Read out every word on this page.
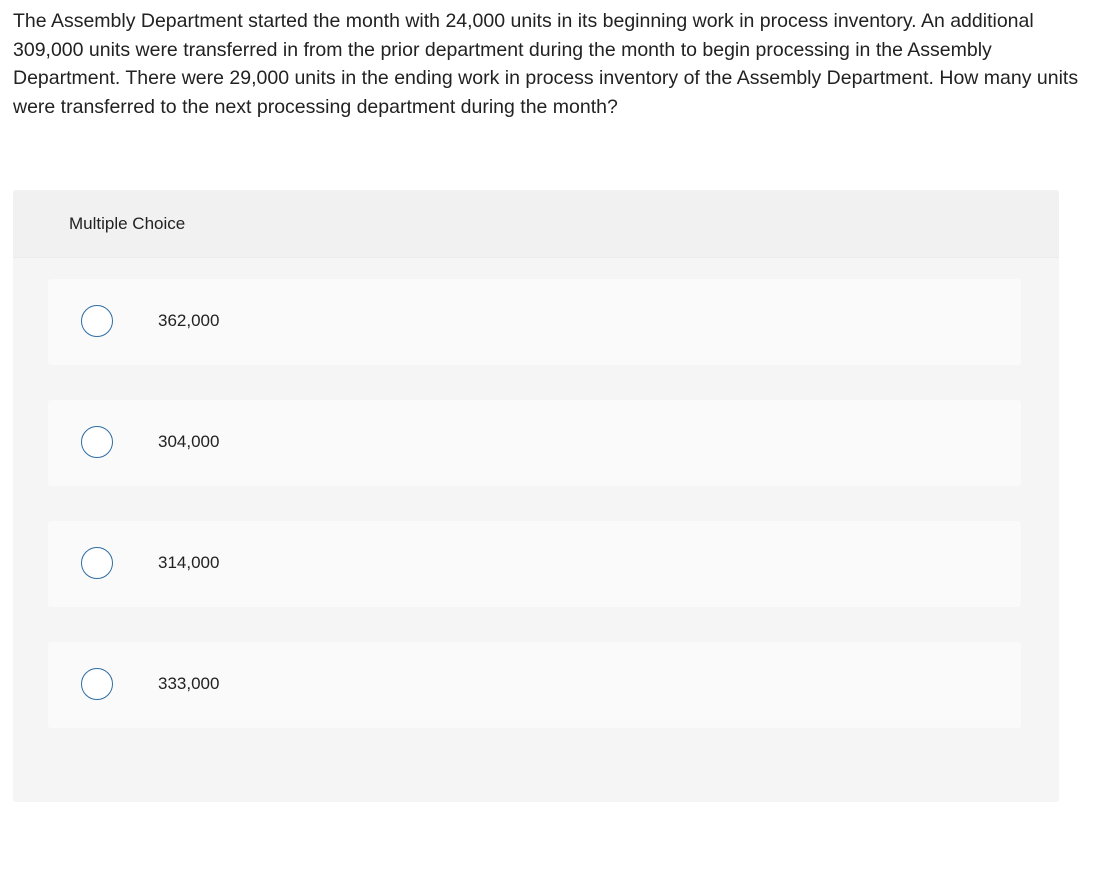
The Assembly Department started the month with 24,000 units in its beginning work in process inventory. An additional 309,000 units were transferred in from the prior department during the month to begin processing in the Assembly Department. There were 29,000 units in the ending work in process inventory of the Assembly Department. How many units were transferred to the next processing department during the month?

Multiple Choice
362,000
304,000
314,000
333,000
